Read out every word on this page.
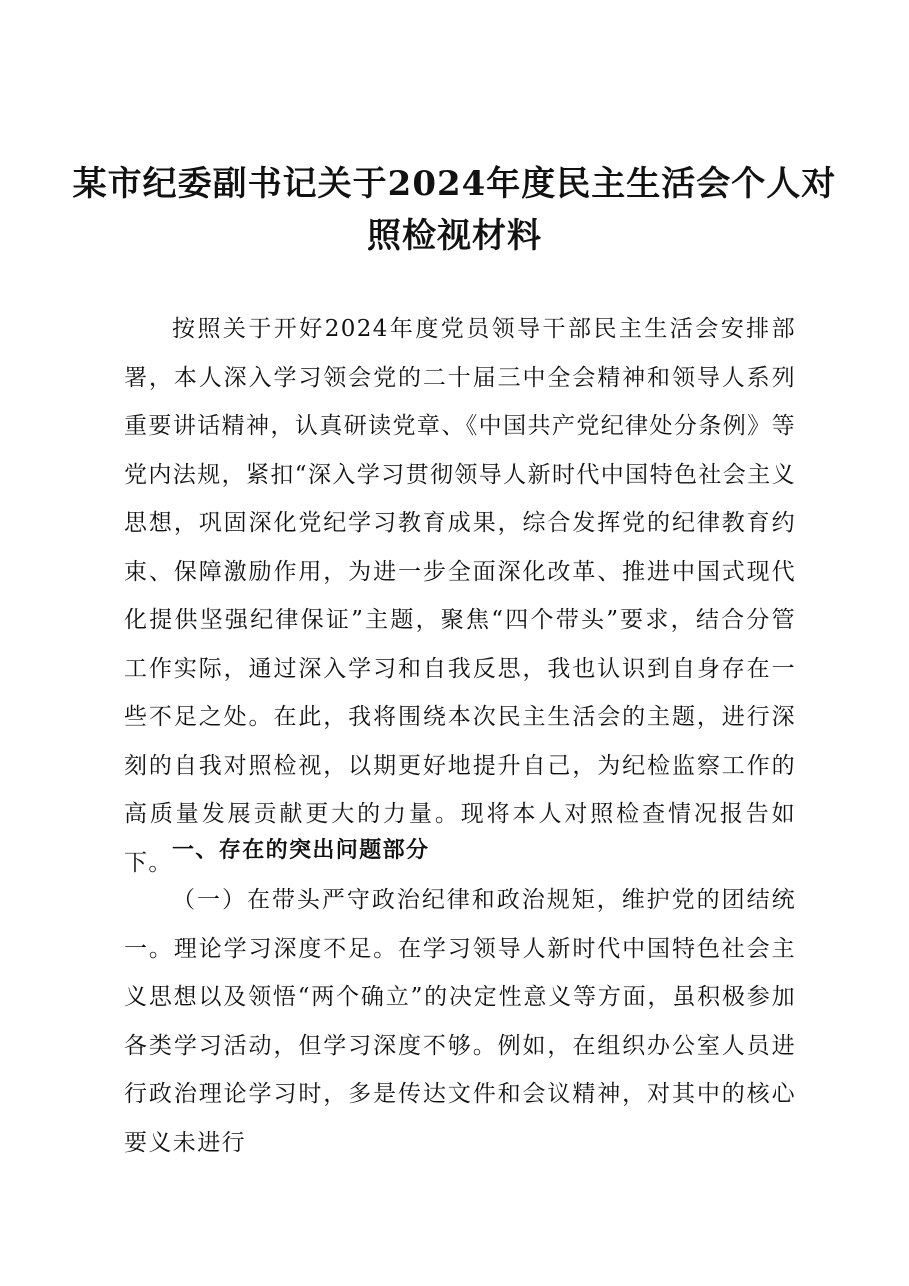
某市纪委副书记关于2024年度民主生活会个人对照检视材料

按照关于开好2024年度党员领导干部民主生活会安排部署，本人深入学习领会党的二十届三中全会精神和领导人系列重要讲话精神，认真研读党章、《中国共产党纪律处分条例》等党内法规，紧扣“深入学习贯彻领导人新时代中国特色社会主义思想，巩固深化党纪学习教育成果，综合发挥党的纪律教育约束、保障激励作用，为进一步全面深化改革、推进中国式现代化提供坚强纪律保证”主题，聚焦“四个带头”要求，结合分管工作实际，通过深入学习和自我反思，我也认识到自身存在一些不足之处。在此，我将围绕本次民主生活会的主题，进行深刻的自我对照检视，以期更好地提升自己，为纪检监察工作的高质量发展贡献更大的力量。现将本人对照检查情况报告如下。 一、存在的突出问题部分

（一）在带头严守政治纪律和政治规矩，维护党的团结统一。理论学习深度不足。在学习领导人新时代中国特色社会主义思想以及领悟“两个确立”的决定性意义等方面，虽积极参加各类学习活动，但学习深度不够。例如，在组织办公室人员进行政治理论学习时，多是传达文件和会议精神，对其中的核心要义未进行
